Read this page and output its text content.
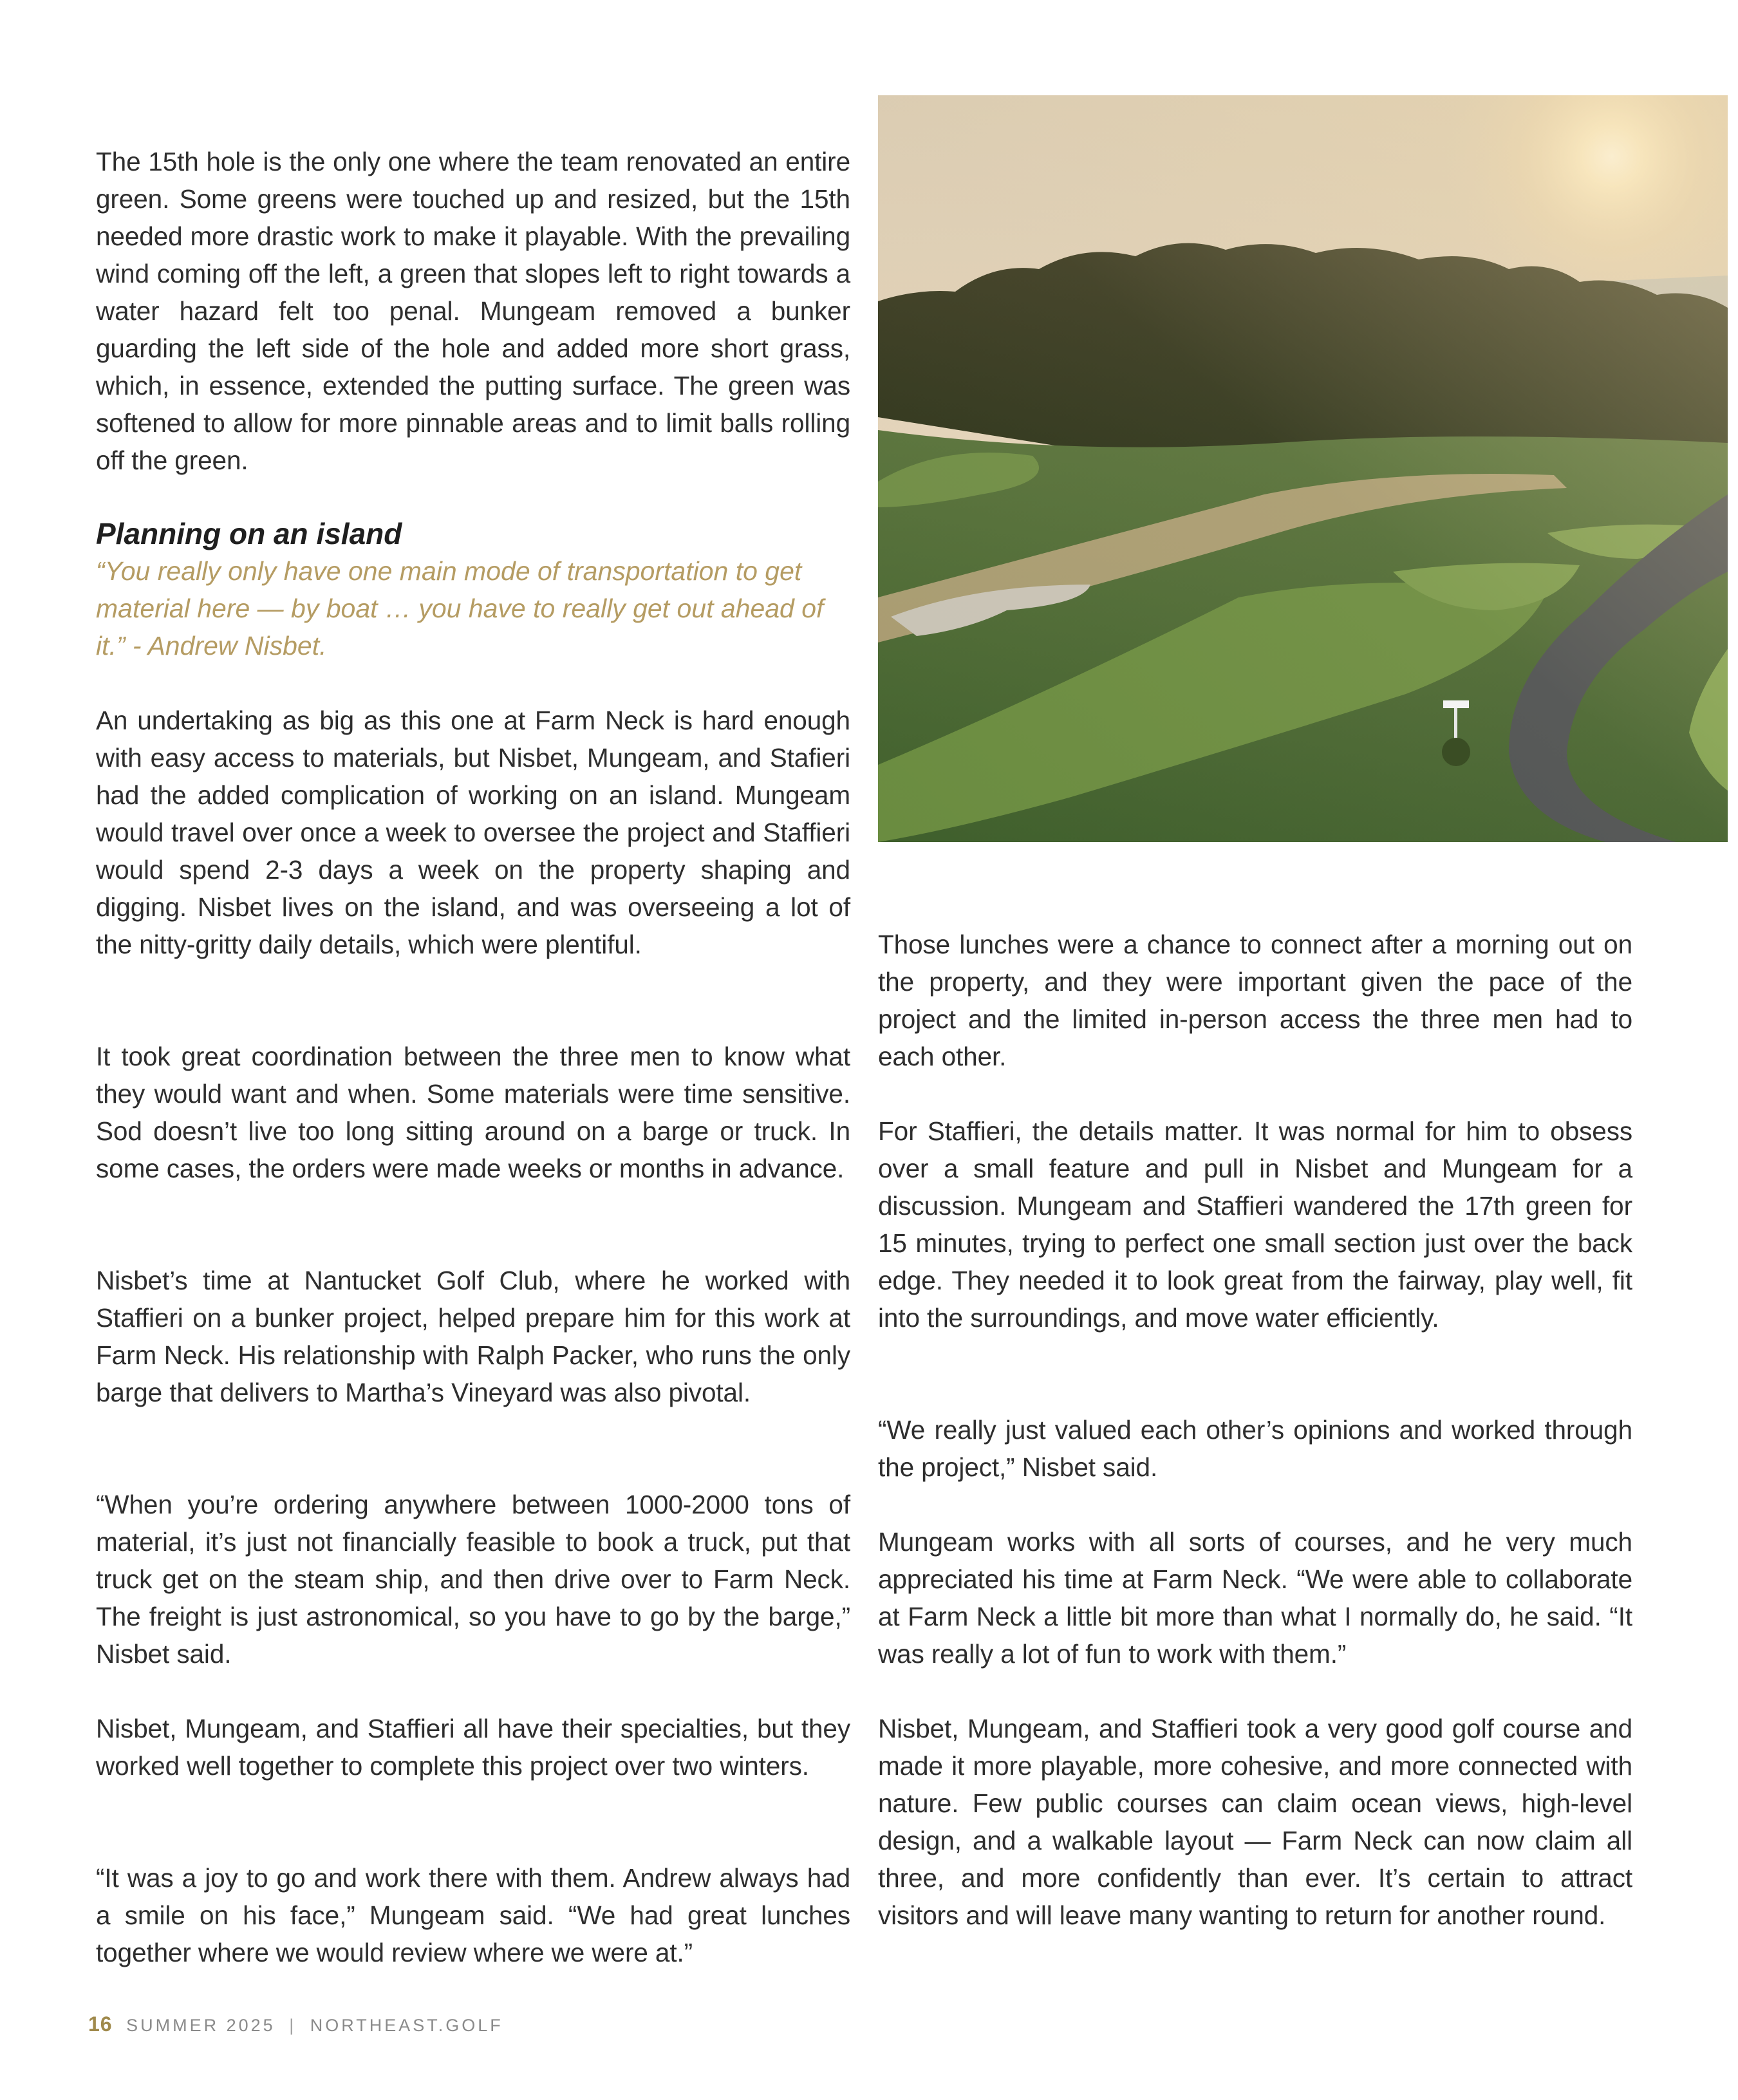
The 15th hole is the only one where the team renovated an entire green. Some greens were touched up and resized, but the 15th needed more drastic work to make it playable. With the prevailing wind coming off the left, a green that slopes left to right towards a water hazard felt too penal. Mungeam removed a bunker guarding the left side of the hole and added more short grass, which, in essence, extended the putting surface. The green was softened to allow for more pinnable areas and to limit balls rolling off the green.

Planning on an island

“You really only have one main mode of transportation to get material here — by boat … you have to really get out ahead of it.” - Andrew Nisbet.

An undertaking as big as this one at Farm Neck is hard enough with easy access to materials, but Nisbet, Mungeam, and Stafieri had the added complication of working on an island. Mungeam would travel over once a week to oversee the project and Staffieri would spend 2-3 days a week on the property shaping and digging. Nisbet lives on the island, and was overseeing a lot of the nitty-gritty daily details, which were plentiful.

It took great coordination between the three men to know what they would want and when. Some materials were time sensitive. Sod doesn’t live too long sitting around on a barge or truck. In some cases, the orders were made weeks or months in advance.

Nisbet’s time at Nantucket Golf Club, where he worked with Staffieri on a bunker project, helped prepare him for this work at Farm Neck. His relationship with Ralph Packer, who runs the only barge that delivers to Martha’s Vineyard was also pivotal.

“When you’re ordering anywhere between 1000-2000 tons of material, it’s just not financially feasible to book a truck, put that truck get on the steam ship, and then drive over to Farm Neck. The freight is just astronomical, so you have to go by the barge,” Nisbet said.

Nisbet, Mungeam, and Staffieri all have their specialties, but they worked well together to complete this project over two winters.

“It was a joy to go and work there with them. Andrew always had a smile on his face,” Mungeam said. “We had great lunches together where we would review where we were at.”

Those lunches were a chance to connect after a morning out on the property, and they were important given the pace of the project and the limited in-person access the three men had to each other.

For Staffieri, the details matter. It was normal for him to obsess over a small feature and pull in Nisbet and Mungeam for a discussion. Mungeam and Staffieri wandered the 17th green for 15 minutes, trying to perfect one small section just over the back edge. They needed it to look great from the fairway, play well, fit into the surroundings, and move water efficiently.

“We really just valued each other’s opinions and worked through the project,” Nisbet said.

Mungeam works with all sorts of courses, and he very much appreciated his time at Farm Neck. “We were able to collaborate at Farm Neck a little bit more than what I normally do, he said. “It was really a lot of fun to work with them.”

Nisbet, Mungeam, and Staffieri took a very good golf course and made it more playable, more cohesive, and more connected with nature. Few public courses can claim ocean views, high-level design, and a walkable layout — Farm Neck can now claim all three, and more confidently than ever. It’s certain to attract visitors and will leave many wanting to return for another round.

16 SUMMER 2025 | NORTHEAST.GOLF
